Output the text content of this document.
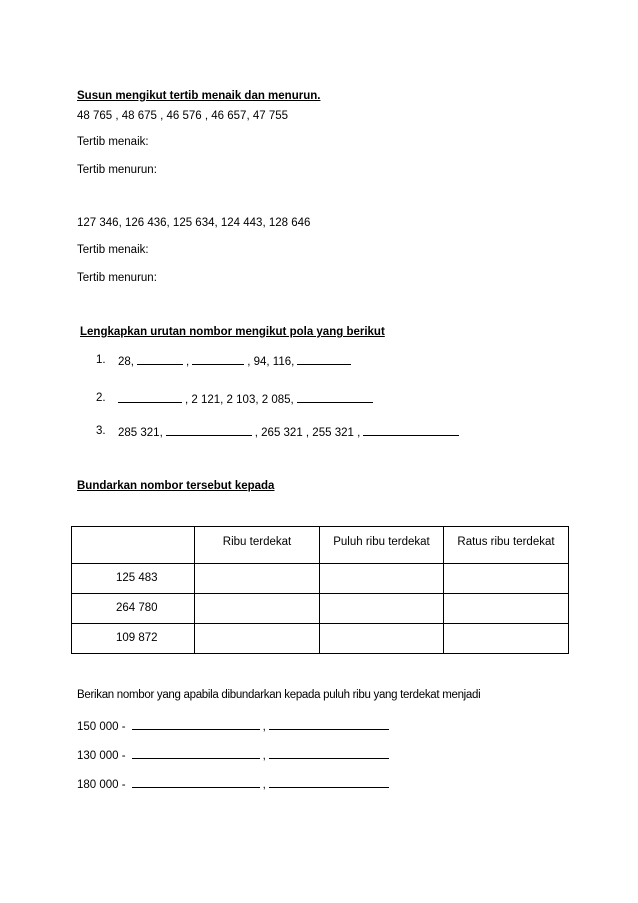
Susun mengikut tertib menaik dan menurun.
48 765 , 48 675 , 46 576 , 46 657, 47 755
Tertib menaik:
Tertib menurun:
127 346, 126 436, 125 634, 124 443, 128 646
Tertib menaik:
Tertib menurun:
Lengkapkan urutan nombor mengikut pola yang berikut
1. 28,	,	, 94, 116,
2.	, 2 121, 2 103, 2 085,
3. 285 321,	, 265 321 , 255 321 ,
Bundarkan nombor tersebut kepada
	Ribu terdekat	Puluh ribu terdekat	Ratus ribu terdekat
125 483			
264 780			
109 872			
Berikan nombor yang apabila dibundarkan kepada puluh ribu yang terdekat menjadi
150 000 -	,
130 000 -	,
180 000 -	,
